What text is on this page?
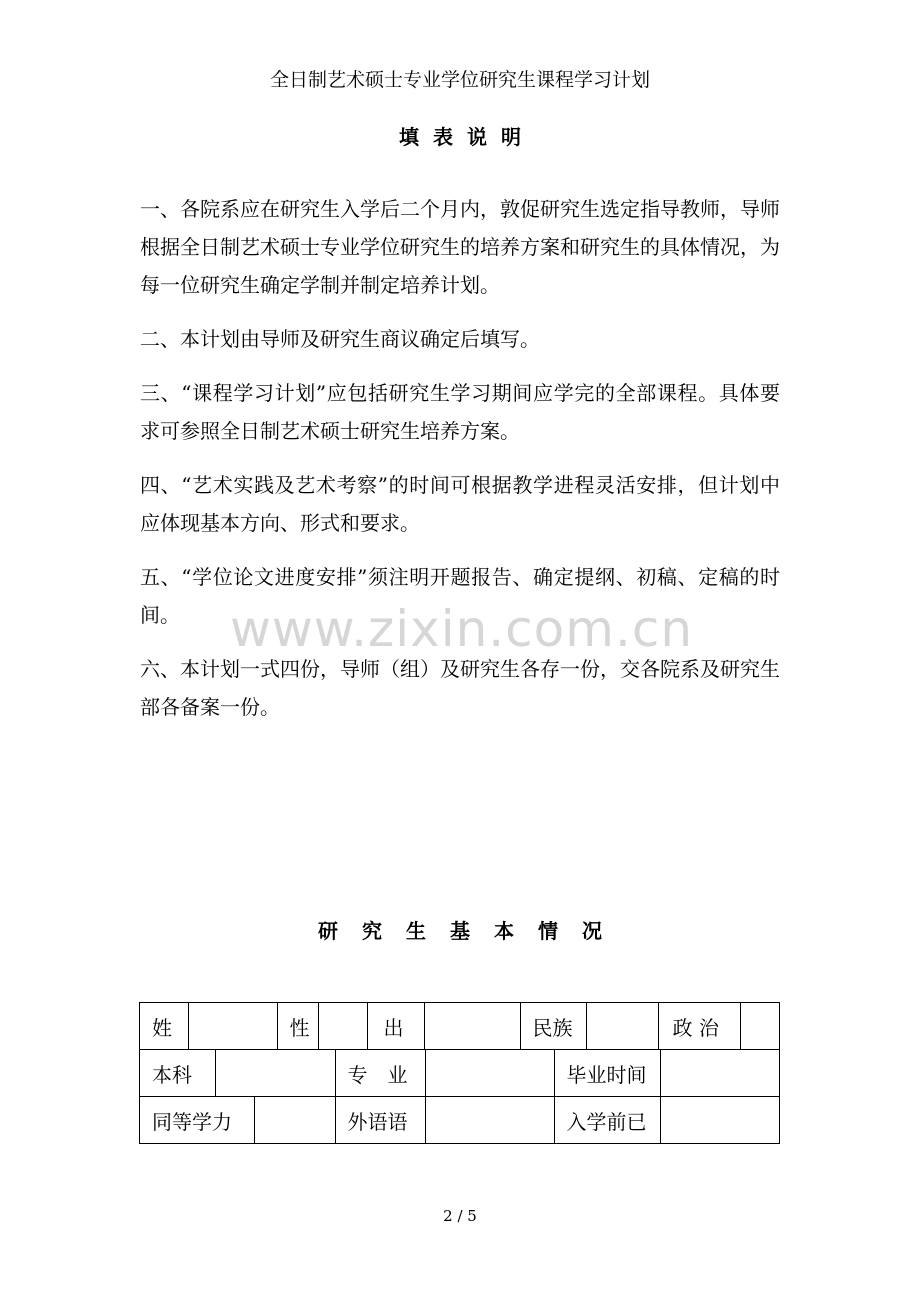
全日制艺术硕士专业学位研究生课程学习计划
填表说明

一、各院系应在研究生入学后二个月内，敦促研究生选定指导教师，导师根据全日制艺术硕士专业学位研究生的培养方案和研究生的具体情况，为每一位研究生确定学制并制定培养计划。

二、本计划由导师及研究生商议确定后填写。

三、“课程学习计划”应包括研究生学习期间应学完的全部课程。具体要求可参照全日制艺术硕士研究生培养方案。

四、“艺术实践及艺术考察”的时间可根据教学进程灵活安排，但计划中应体现基本方向、形式和要求。

五、“学位论文进度安排”须注明开题报告、确定提纲、初稿、定稿的时间。

六、本计划一式四份，导师（组）及研究生各存一份，交各院系及研究生部各备案一份。

www.zixin.com.cn
研究生基本情况
姓		性		出		民族		政 治	

本科		专　业		毕业时间	

同等学力		外语语		入学前已	
2 / 5
